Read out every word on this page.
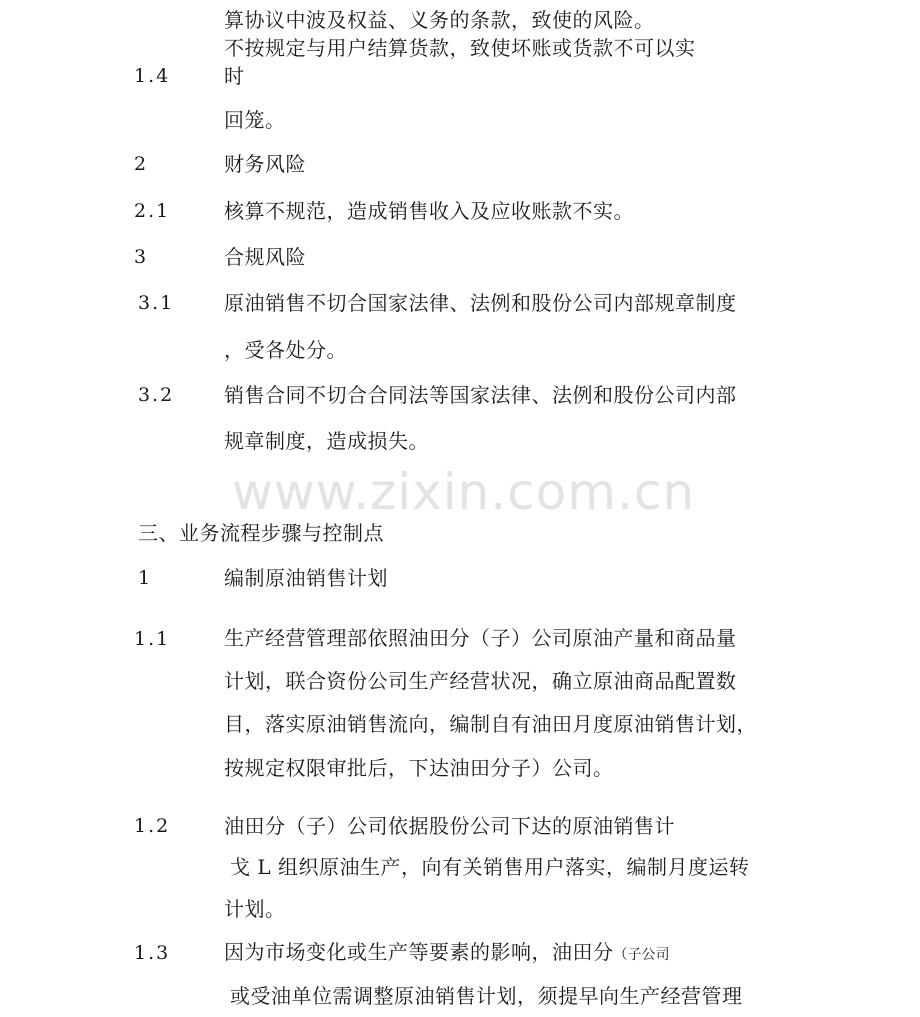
www.zixin.com.cn
算协议中波及权益、义务的条款，致使的风险。
不按规定与用户结算货款，致使坏账或货款不可以实
1.4	时
回笼。
2	财务风险
2.1	核算不规范，造成销售收入及应收账款不实。
3	合规风险
3.1 原油销售不切合国家法律、法例和股份公司内部规章制度
，受各处分。
3.2 销售合同不切合合同法等国家法律、法例和股份公司内部
规章制度，造成损失。
三、业务流程步骤与控制点
1	编制原油销售计划
1.1	生产经营管理部依照油田分（子）公司原油产量和商品量
计划，联合资份公司生产经营状况，确立原油商品配置数
目，落实原油销售流向，编制自有油田月度原油销售计划，
按规定权限审批后，下达油田分子）公司。
1.2	油田分（子）公司依据股份公司下达的原油销售计
戈 L 组织原油生产，向有关销售用户落实，编制月度运转
计划。
1.3	因为市场变化或生产等要素的影响，油田分（子公司
或受油单位需调整原油销售计划，须提早向生产经营管理
